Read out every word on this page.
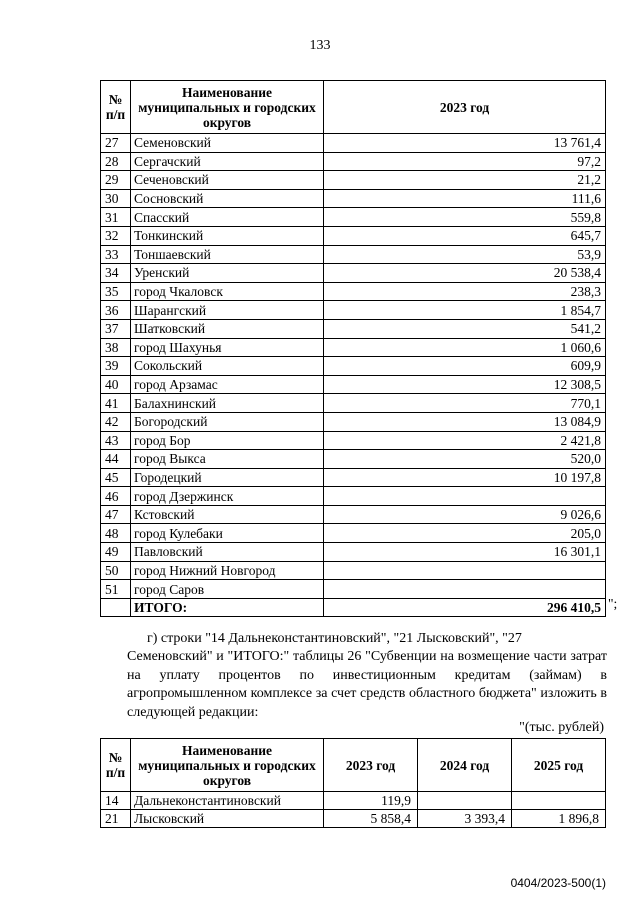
133
№ п/п	Наименование муниципальных и городских округов	2023 год
27	Семеновский	13 761,4
28	Сергачский	97,2
29	Сеченовский	21,2
30	Сосновский	111,6
31	Спасский	559,8
32	Тонкинский	645,7
33	Тоншаевский	53,9
34	Уренский	20 538,4
35	город Чкаловск	238,3
36	Шарангский	1 854,7
37	Шатковский	541,2
38	город Шахунья	1 060,6
39	Сокольский	609,9
40	город Арзамас	12 308,5
41	Балахнинский	770,1
42	Богородский	13 084,9
43	город Бор	2 421,8
44	город Выкса	520,0
45	Городецкий	10 197,8
46	город Дзержинск	
47	Кстовский	9 026,6
48	город Кулебаки	205,0
49	Павловский	16 301,1
50	город Нижний Новгород	
51	город Саров	
	ИТОГО:	296 410,5 ";
г) строки "14 Дальнеконстантиновский", "21 Лысковский", "27
Семеновский" и "ИТОГО:" таблицы 26 "Субвенции на возмещение части затрат на уплату процентов по инвестиционным кредитам (займам) в агропромышленном комплексе за счет средств областного бюджета" изложить в следующей редакции:
"(тыс. рублей)
№ п/п	Наименование муниципальных и городских округов	2023 год	2024 год	2025 год
14	Дальнеконстантиновский	119,9		
21	Лысковский	5 858,4	3 393,4	1 896,8
0404/2023-500(1)
